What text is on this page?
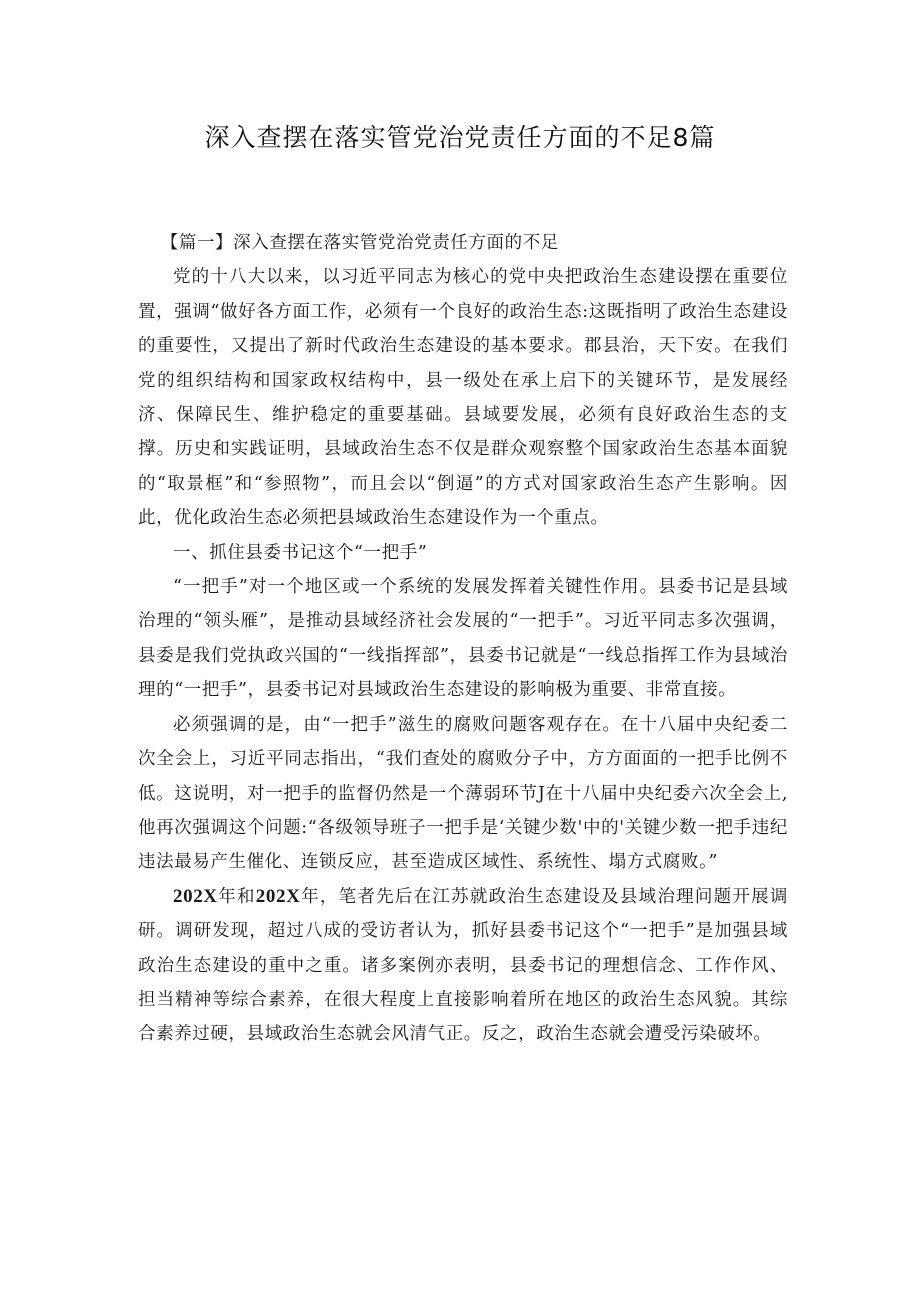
深入查摆在落实管党治党责任方面的不足8篇

【篇一】深入查摆在落实管党治党责任方面的不足

党的十八大以来，以习近平同志为核心的党中央把政治生态建设摆在重要位置，强调“做好各方面工作，必须有一个良好的政治生态:这既指明了政治生态建设的重要性，又提出了新时代政治生态建设的基本要求。郡县治，天下安。在我们党的组织结构和国家政权结构中，县一级处在承上启下的关键环节，是发展经济、保障民生、维护稳定的重要基础。县域要发展，必须有良好政治生态的支撑。历史和实践证明，县域政治生态不仅是群众观察整个国家政治生态基本面貌的“取景框”和“参照物”，而且会以“倒逼”的方式对国家政治生态产生影响。因此，优化政治生态必须把县域政治生态建设作为一个重点。

一、抓住县委书记这个“一把手”

“一把手”对一个地区或一个系统的发展发挥着关键性作用。县委书记是县域治理的“领头雁”，是推动县域经济社会发展的“一把手”。习近平同志多次强调，县委是我们党执政兴国的“一线指挥部”，县委书记就是“一线总指挥工作为县域治理的“一把手”，县委书记对县域政治生态建设的影响极为重要、非常直接。

必须强调的是，由“一把手”滋生的腐败问题客观存在。在十八届中央纪委二次全会上，习近平同志指出，“我们查处的腐败分子中，方方面面的一把手比例不低。这说明，对一把手的监督仍然是一个薄弱环节J在十八届中央纪委六次全会上,他再次强调这个问题:“各级领导班子一把手是‘关键少数'中的'关键少数一把手违纪违法最易产生催化、连锁反应，甚至造成区域性、系统性、塌方式腐败。”

202X年和202X年，笔者先后在江苏就政治生态建设及县域治理问题开展调研。调研发现，超过八成的受访者认为，抓好县委书记这个“一把手”是加强县域政治生态建设的重中之重。诸多案例亦表明，县委书记的理想信念、工作作风、担当精神等综合素养，在很大程度上直接影响着所在地区的政治生态风貌。其综合素养过硬，县域政治生态就会风清气正。反之，政治生态就会遭受污染破坏。
